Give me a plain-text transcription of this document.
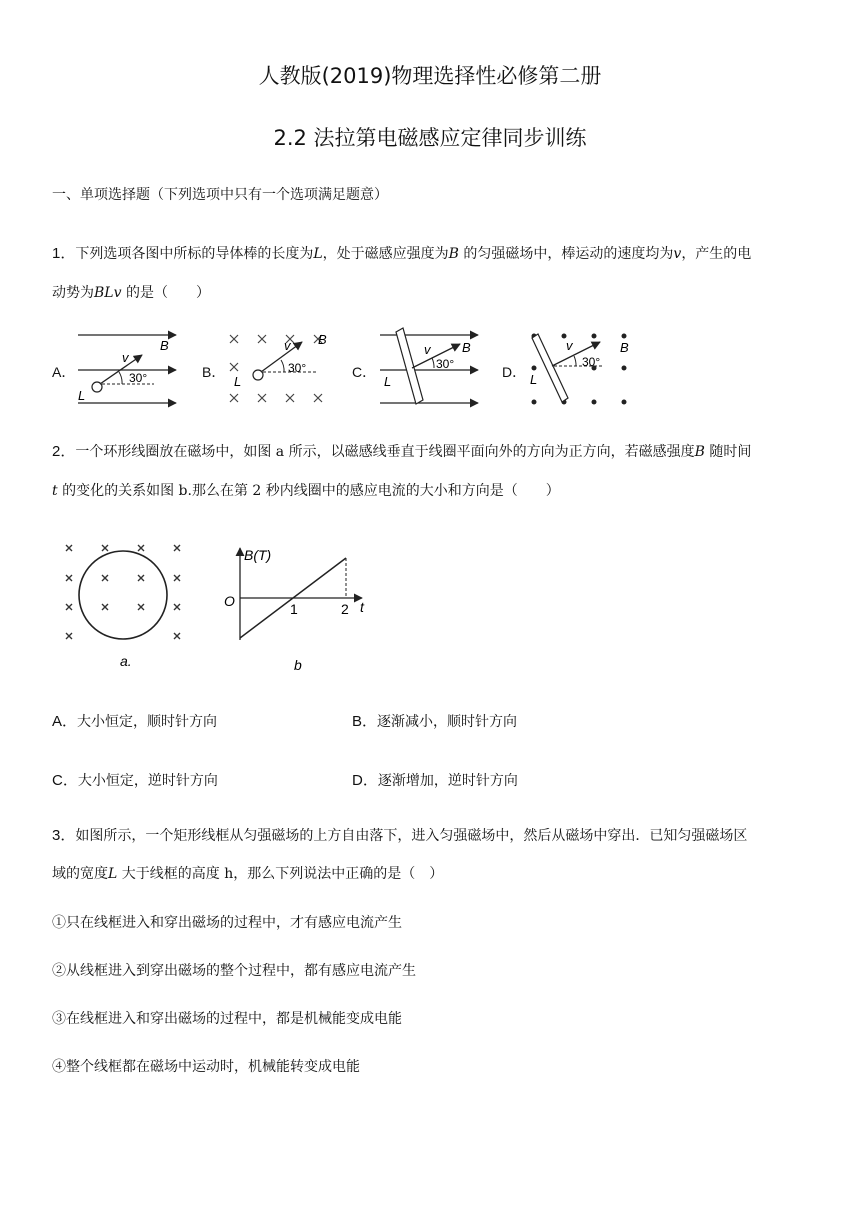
人教版(2019)物理选择性必修第二册
2.2 法拉第电磁感应定律同步训练
一、单项选择题（下列选项中只有一个选项满足题意）
1．下列选项各图中所标的导体棒的长度为L，处于磁感应强度为B 的匀强磁场中，棒运动的速度均为v，产生的电
动势为BLv 的是（　　）
A．	B．	C．	D．
B
v
30°
L
B
v
30°
L
B
v
30°
L
B
v
30°
L
2．一个环形线圈放在磁场中，如图 a 所示，以磁感线垂直于线圈平面向外的方向为正方向，若磁感强度B 随时间
t 的变化的关系如图 b.那么在第 2 秒内线圈中的感应电流的大小和方向是（　　）
a.
B(T)
O	1	2 t
b
A．大小恒定，顺时针方向	B．逐渐减小，顺时针方向
C．大小恒定，逆时针方向	D．逐渐增加，逆时针方向
3．如图所示，一个矩形线框从匀强磁场的上方自由落下，进入匀强磁场中，然后从磁场中穿出．已知匀强磁场区
域的宽度L 大于线框的高度 h，那么下列说法中正确的是（　）
①只在线框进入和穿出磁场的过程中，才有感应电流产生
②从线框进入到穿出磁场的整个过程中，都有感应电流产生
③在线框进入和穿出磁场的过程中，都是机械能变成电能
④整个线框都在磁场中运动时，机械能转变成电能
